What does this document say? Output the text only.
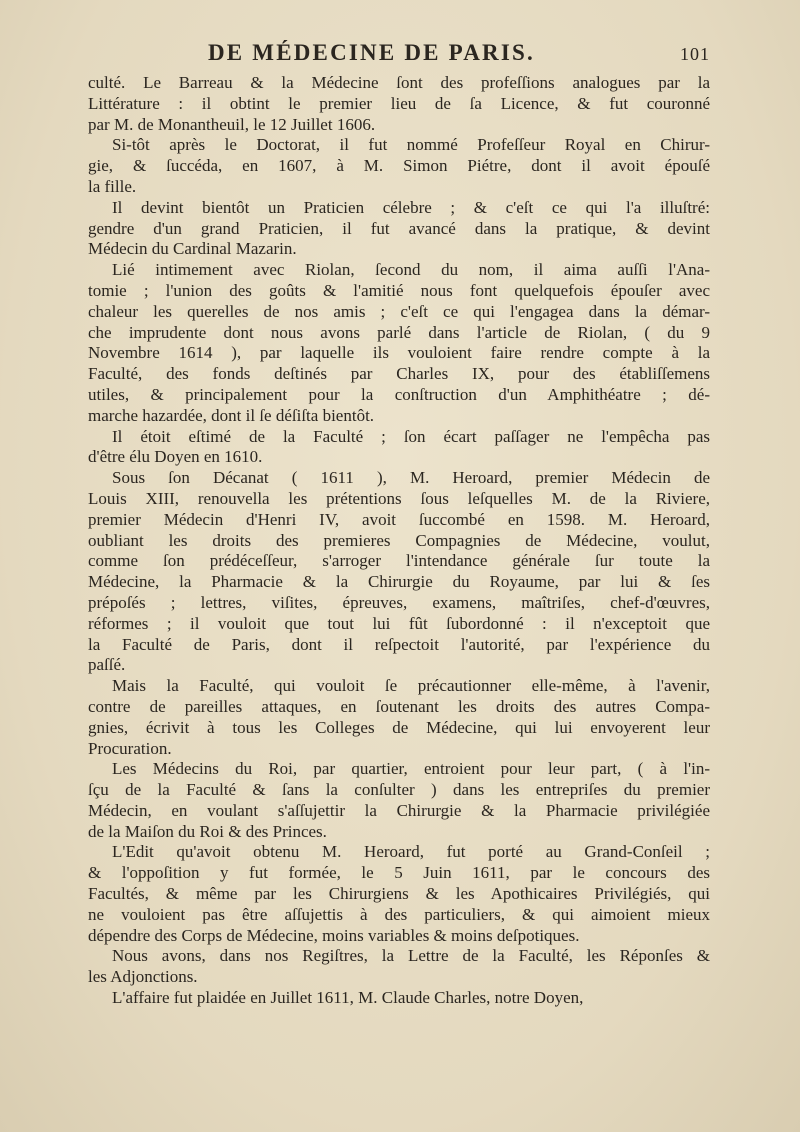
DE MÉDECINE DE PARIS.	101
culté. Le Barreau & la Médecine ſont des profeſſions analogues par la
Littérature : il obtint le premier lieu de ſa Licence, & fut couronné
par M. de Monantheuil, le 12 Juillet 1606.
Si-tôt après le Doctorat, il fut nommé Profeſſeur Royal en Chirur-
gie, & ſuccéda, en 1607, à M. Simon Piétre, dont il avoit épouſé
la fille.
Il devint bientôt un Praticien célebre ; & c'eſt ce qui l'a illuſtré:
gendre d'un grand Praticien, il fut avancé dans la pratique, & devint
Médecin du Cardinal Mazarin.
Lié intimement avec Riolan, ſecond du nom, il aima auſſi l'Ana-
tomie ; l'union des goûts & l'amitié nous font quelquefois épouſer avec
chaleur les querelles de nos amis ; c'eſt ce qui l'engagea dans la démar-
che imprudente dont nous avons parlé dans l'article de Riolan, ( du 9
Novembre 1614 ), par laquelle ils vouloient faire rendre compte à la
Faculté, des fonds deſtinés par Charles IX, pour des établiſſemens
utiles, & principalement pour la conſtruction d'un Amphithéatre ; dé-
marche hazardée, dont il ſe déſiſta bientôt.
Il étoit eſtimé de la Faculté ; ſon écart paſſager ne l'empêcha pas
d'être élu Doyen en 1610.
Sous ſon Décanat ( 1611 ), M. Heroard, premier Médecin de
Louis XIII, renouvella les prétentions ſous leſquelles M. de la Riviere,
premier Médecin d'Henri IV, avoit ſuccombé en 1598. M. Heroard,
oubliant les droits des premieres Compagnies de Médecine, voulut,
comme ſon prédéceſſeur, s'arroger l'intendance générale ſur toute la
Médecine, la Pharmacie & la Chirurgie du Royaume, par lui & ſes
prépoſés ; lettres, viſites, épreuves, examens, maîtriſes, chef-d'œuvres,
réformes ; il vouloit que tout lui fût ſubordonné : il n'exceptoit que
la Faculté de Paris, dont il reſpectoit l'autorité, par l'expérience du
paſſé.
Mais la Faculté, qui vouloit ſe précautionner elle-même, à l'avenir,
contre de pareilles attaques, en ſoutenant les droits des autres Compa-
gnies, écrivit à tous les Colleges de Médecine, qui lui envoyerent leur
Procuration.
Les Médecins du Roi, par quartier, entroient pour leur part, ( à l'in-
ſçu de la Faculté & ſans la conſulter ) dans les entrepriſes du premier
Médecin, en voulant s'aſſujettir la Chirurgie & la Pharmacie privilégiée
de la Maiſon du Roi & des Princes.
L'Edit qu'avoit obtenu M. Heroard, fut porté au Grand-Conſeil ;
& l'oppoſition y fut formée, le 5 Juin 1611, par le concours des
Facultés, & même par les Chirurgiens & les Apothicaires Privilégiés, qui
ne vouloient pas être aſſujettis à des particuliers, & qui aimoient mieux
dépendre des Corps de Médecine, moins variables & moins deſpotiques.
Nous avons, dans nos Regiſtres, la Lettre de la Faculté, les Réponſes &
les Adjonctions.
L'affaire fut plaidée en Juillet 1611, M. Claude Charles, notre Doyen,
